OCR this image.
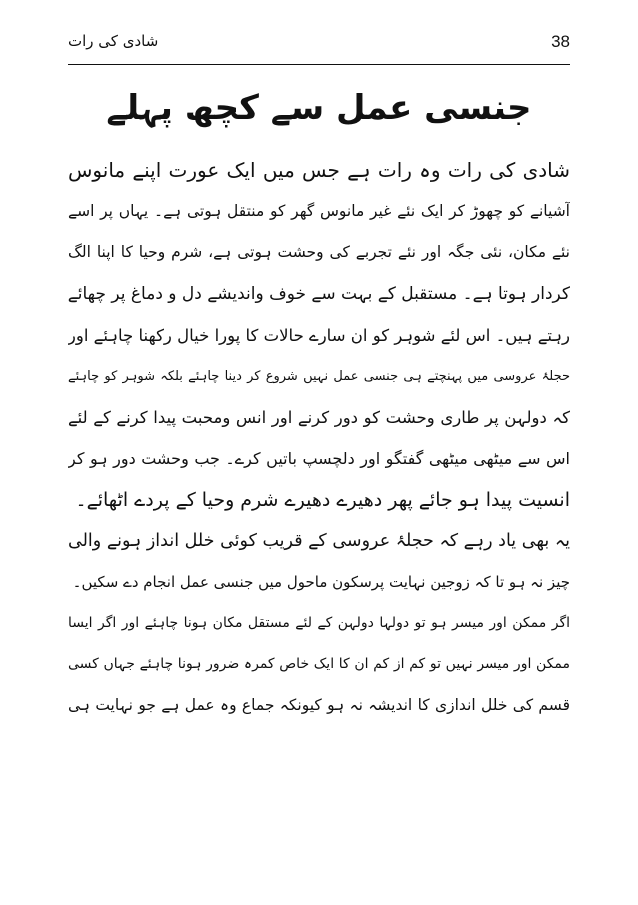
38
شادی کی رات
جنسی عمل سے کچھ پہلے
شادی کی رات وہ رات ہے جس میں ایک عورت اپنے مانوس
آشیانے کو چھوڑ کر ایک نئے غیر مانوس گھر کو منتقل ہوتی ہے۔ یہاں پر اسے
نئے مکان، نئی جگہ اور نئے تجربے کی وحشت ہوتی ہے، شرم وحیا کا اپنا الگ
کردار ہوتا ہے۔ مستقبل کے بہت سے خوف واندیشے دل و دماغ پر چھائے
رہتے ہیں۔ اس لئے شوہر کو ان سارے حالات کا پورا خیال رکھنا چاہئے اور
حجلۂ عروسی میں پہنچتے ہی جنسی عمل نہیں شروع کر دینا چاہئے بلکہ شوہر کو چاہئے
کہ دولہن پر طاری وحشت کو دور کرنے اور انس ومحبت پیدا کرنے کے لئے
اس سے میٹھی میٹھی گفتگو اور دلچسپ باتیں کرے۔ جب وحشت دور ہو کر
انسیت پیدا ہو جائے پھر دھیرے دھیرے شرم وحیا کے پردے اٹھائے۔
یہ بھی یاد رہے کہ حجلۂ عروسی کے قریب کوئی خلل انداز ہونے والی
چیز نہ ہو تا کہ زوجین نہایت پرسکون ماحول میں جنسی عمل انجام دے سکیں۔
اگر ممکن اور میسر ہو تو دولہا دولہن کے لئے مستقل مکان ہونا چاہئے اور اگر ایسا
ممکن اور میسر نہیں تو کم از کم ان کا ایک خاص کمرہ ضرور ہونا چاہئے جہاں کسی
قسم کی خلل اندازی کا اندیشہ نہ ہو کیونکہ جماع وہ عمل ہے جو نہایت ہی
